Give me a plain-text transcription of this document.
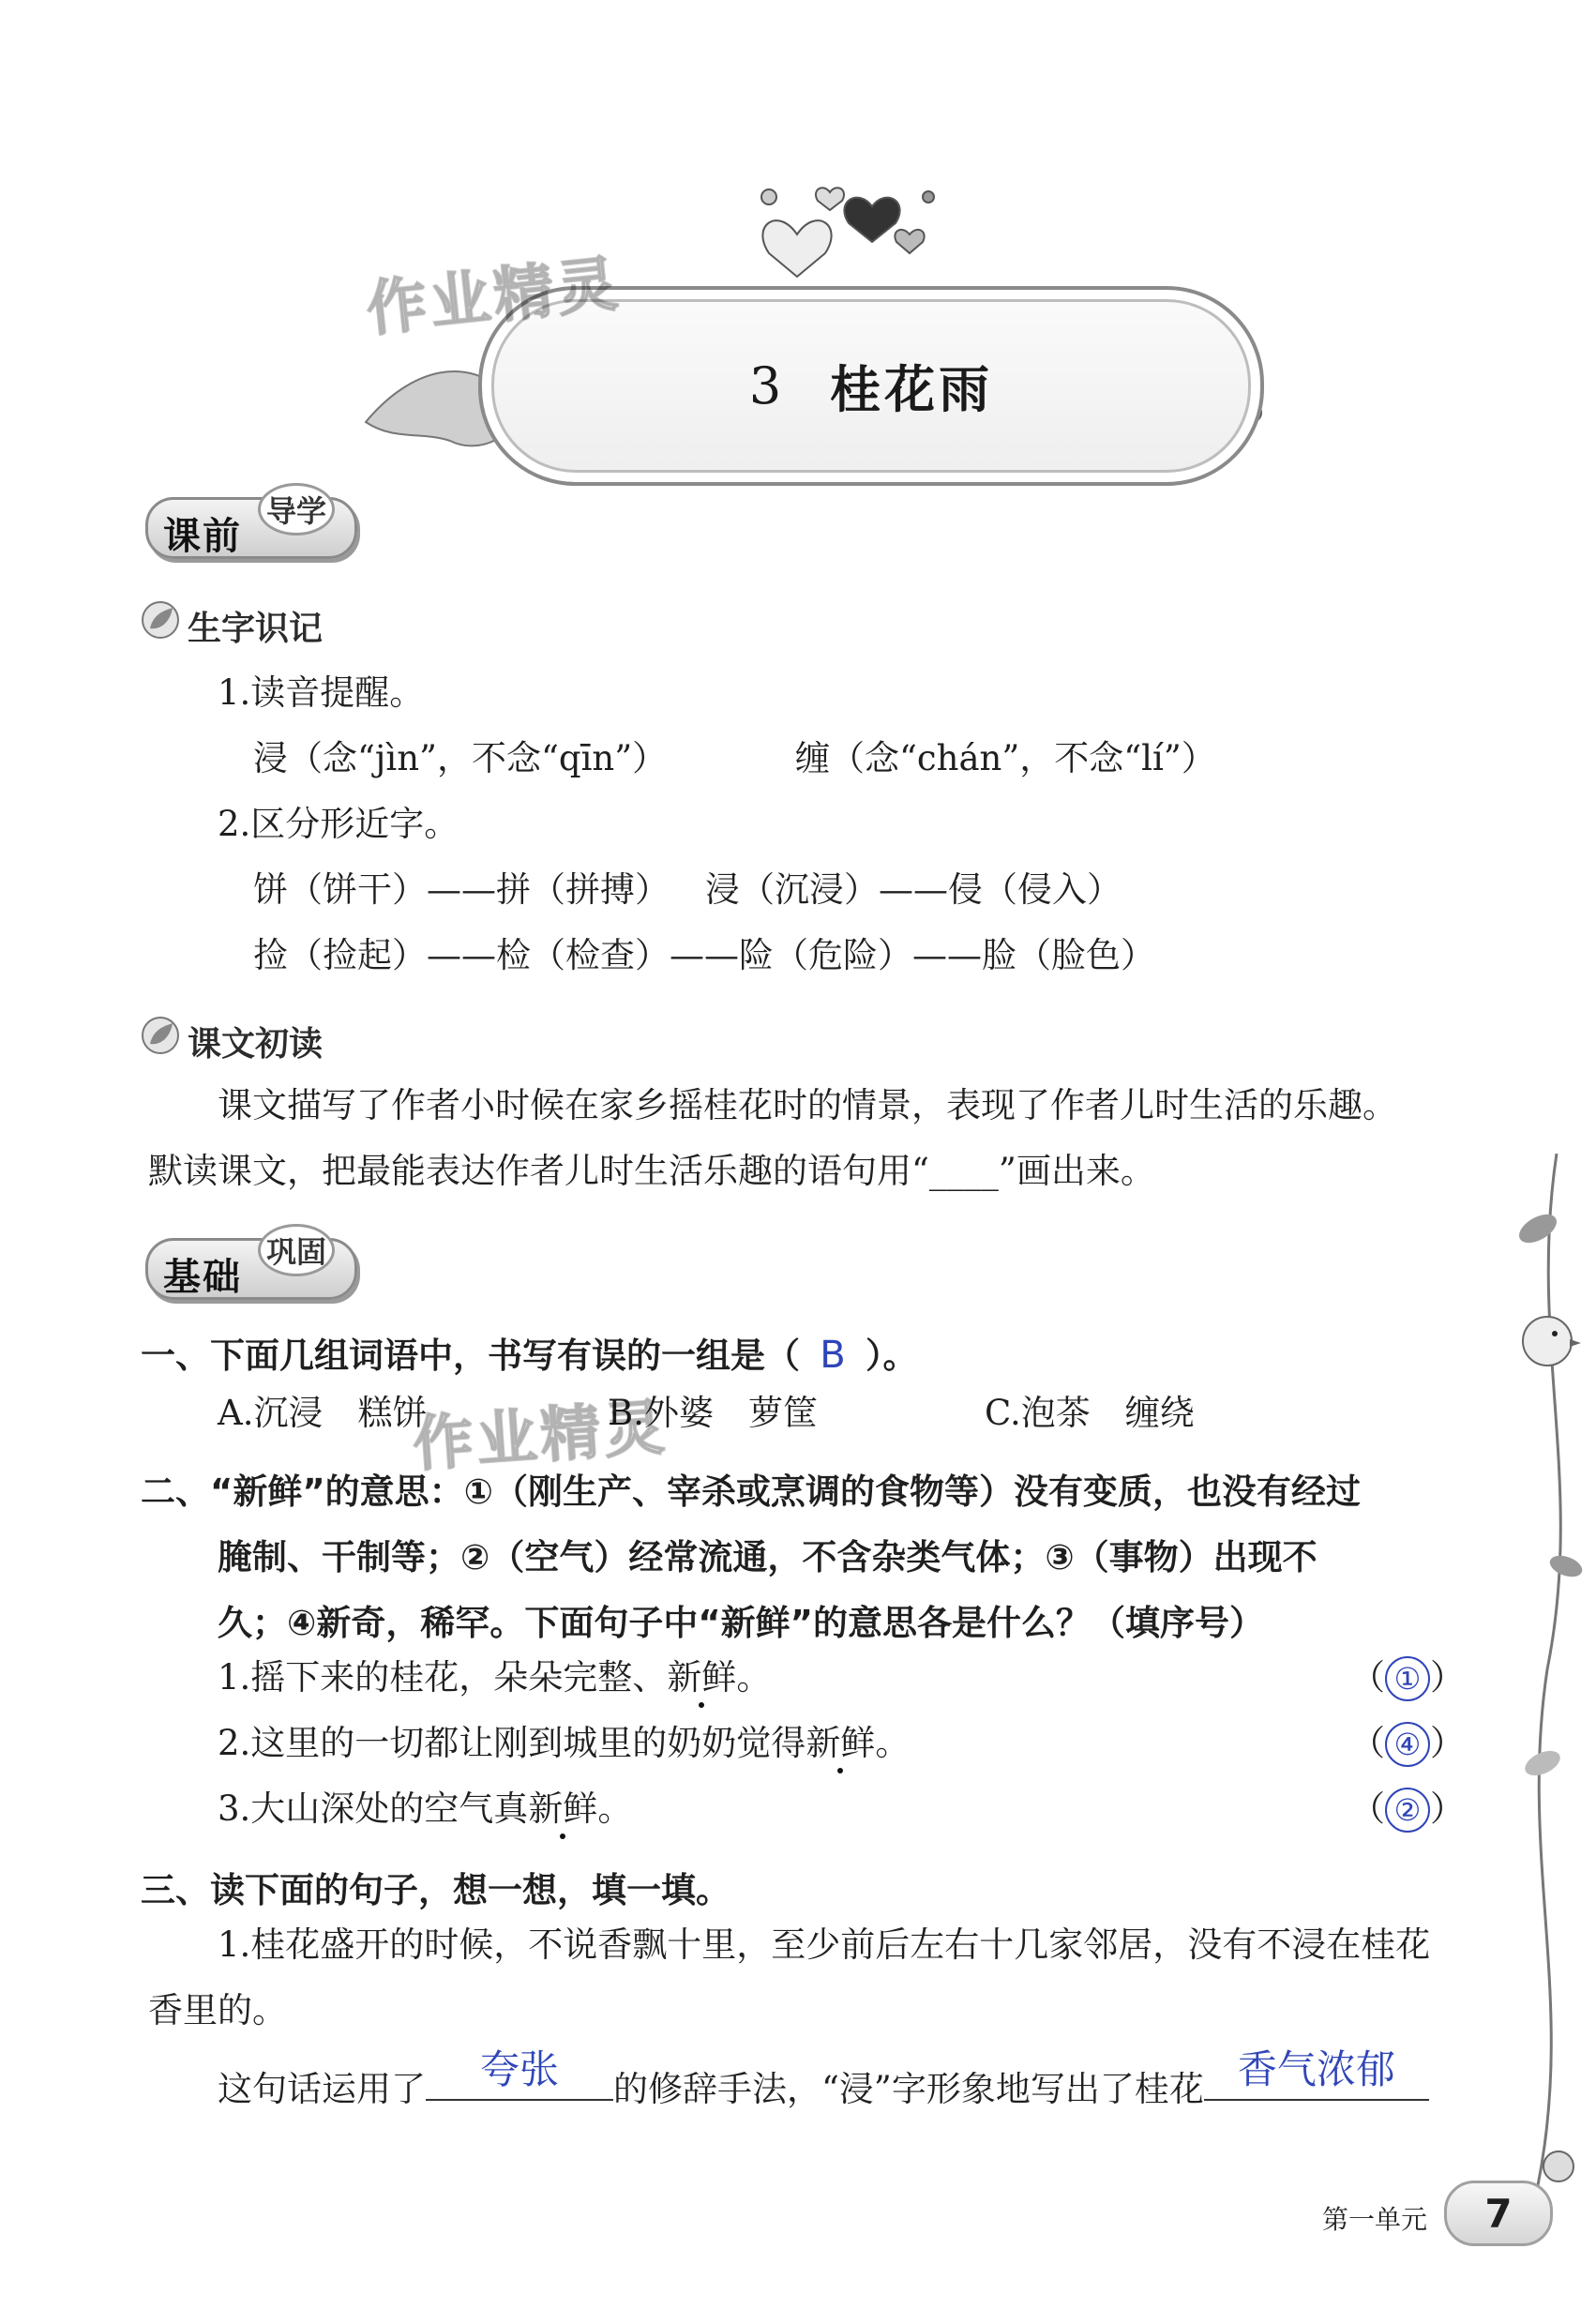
3 桂花雨
作业精灵
课前
导学
生字识记
1.读音提醒。
浸（念“jìn”，不念“qīn”）	缠（念“chán”，不念“lí”）
2.区分形近字。
饼（饼干）——拼（拼搏） 浸（沉浸）——侵（侵入）
捡（捡起）——检（检查）——险（危险）——脸（脸色）
课文初读
课文描写了作者小时候在家乡摇桂花时的情景，表现了作者儿时生活的乐趣。
默读课文，把最能表达作者儿时生活乐趣的语句用“____”画出来。
基础
巩固
一、下面几组词语中，书写有误的一组是（ B ）。
A.沉浸　糕饼	B.外婆　萝筐	C.泡茶　缠绕
作业精灵
二、“新鲜”的意思：①（刚生产、宰杀或烹调的食物等）没有变质，也没有经过
腌制、干制等；②（空气）经常流通，不含杂类气体；③（事物）出现不
久；④新奇，稀罕。下面句子中“新鲜”的意思各是什么？（填序号）
1.摇下来的桂花，朵朵完整、新鲜。	（ ① ）
2.这里的一切都让刚到城里的奶奶觉得新鲜。	（ ④ ）
3.大山深处的空气真新鲜。	（ ② ）
三、读下面的句子，想一想，填一填。
1.桂花盛开的时候，不说香飘十里，至少前后左右十几家邻居，没有不浸在桂花
香里的。
这句话运用了 夸张 的修辞手法，“浸”字形象地写出了桂花 香气浓郁
第一单元	7
